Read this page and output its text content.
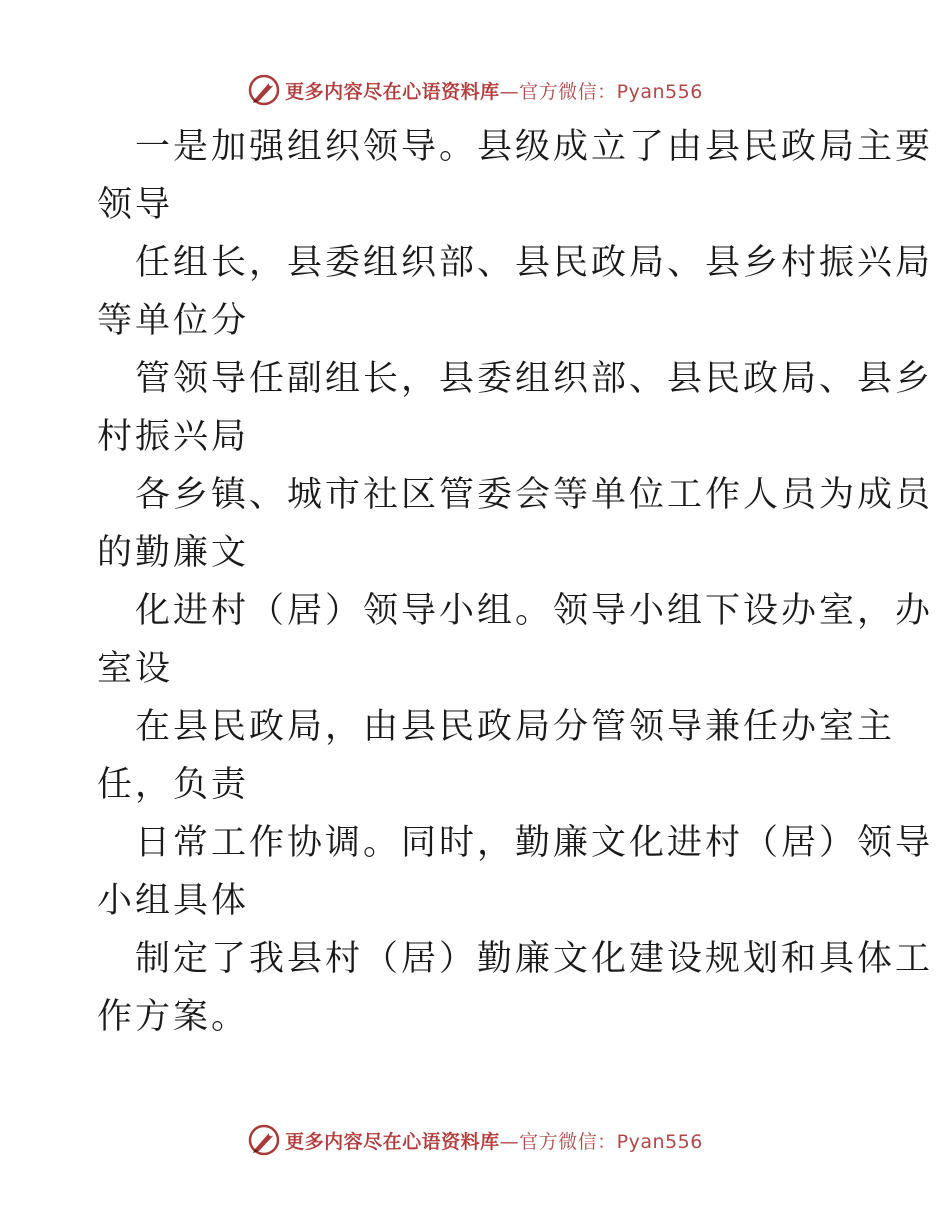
更多内容尽在心语资料库—官方微信：Pyan556
一是加强组织领导。县级成立了由县民政局主要
领导
任组长，县委组织部、县民政局、县乡村振兴局
等单位分
管领导任副组长，县委组织部、县民政局、县乡
村振兴局
各乡镇、城市社区管委会等单位工作人员为成员
的勤廉文
化进村（居）领导小组。领导小组下设办室，办
室设
在县民政局，由县民政局分管领导兼任办室主
任，负责
日常工作协调。同时，勤廉文化进村（居）领导
小组具体
制定了我县村（居）勤廉文化建设规划和具体工
作方案。
更多内容尽在心语资料库—官方微信：Pyan556
